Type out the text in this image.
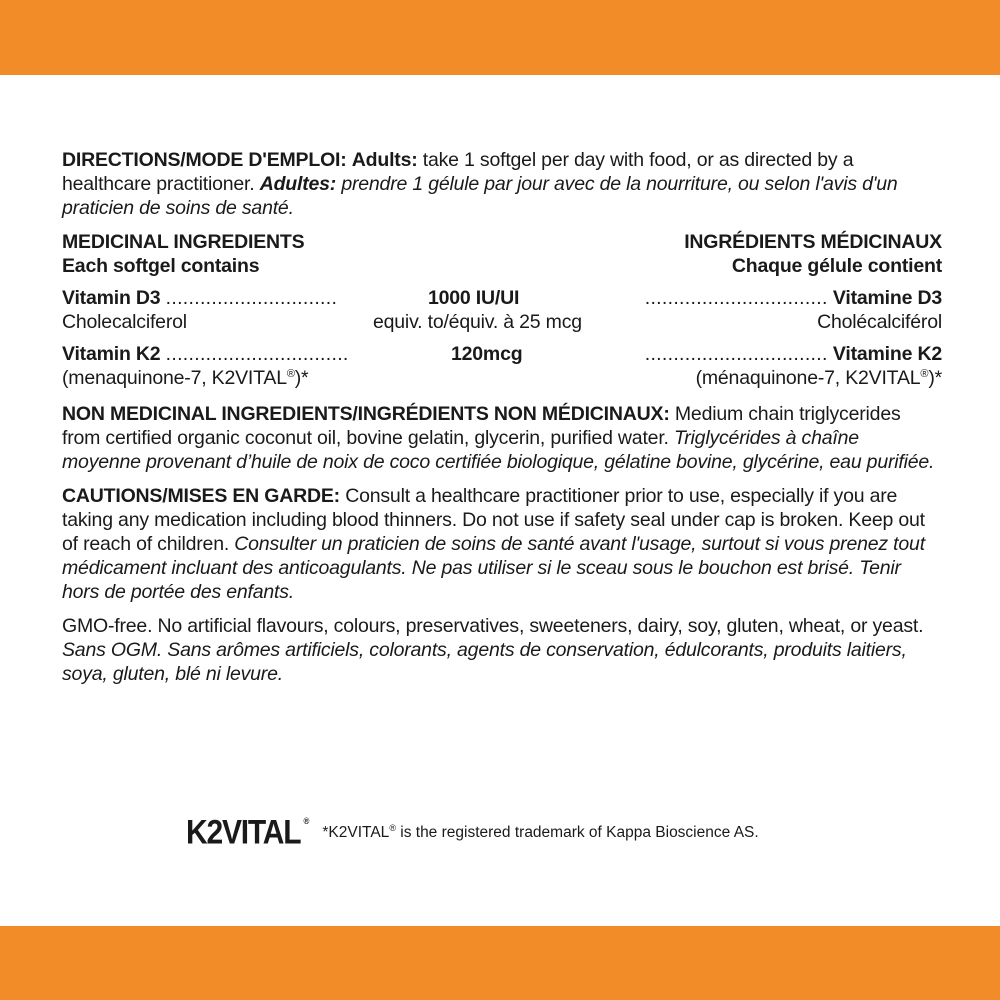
DIRECTIONS/MODE D'EMPLOI: Adults: take 1 softgel per day with food, or as directed by a healthcare practitioner. Adultes: prendre 1 gélule par jour avec de la nourriture, ou selon l'avis d'un praticien de soins de santé.

MEDICINAL INGREDIENTS	INGRÉDIENTS MÉDICINAUX
Each softgel contains	Chaque gélule contient
Vitamin D3 ..............................	1000 IU/UI	................................ Vitamine D3
Cholecalciferol	equiv. to/équiv. à 25 mcg	Cholécalciférol
Vitamin K2 ................................	120mcg	................................ Vitamine K2
(menaquinone-7, K2VITAL®)*	(ménaquinone-7, K2VITAL®)*

NON MEDICINAL INGREDIENTS/INGRÉDIENTS NON MÉDICINAUX: Medium chain triglycerides from certified organic coconut oil, bovine gelatin, glycerin, purified water. Triglycérides à chaîne moyenne provenant d’huile de noix de coco certifiée biologique, gélatine bovine, glycérine, eau purifiée.

CAUTIONS/MISES EN GARDE: Consult a healthcare practitioner prior to use, especially if you are taking any medication including blood thinners. Do not use if safety seal under cap is broken. Keep out of reach of children. Consulter un praticien de soins de santé avant l'usage, surtout si vous prenez tout médicament incluant des anticoagulants. Ne pas utiliser si le sceau sous le bouchon est brisé. Tenir hors de portée des enfants.

GMO-free. No artificial flavours, colours, preservatives, sweeteners, dairy, soy, gluten, wheat, or yeast. Sans OGM. Sans arômes artificiels, colorants, agents de conservation, édulcorants, produits laitiers, soya, gluten, blé ni levure.

K2VITAL ®
*K2VITAL® is the registered trademark of Kappa Bioscience AS.
